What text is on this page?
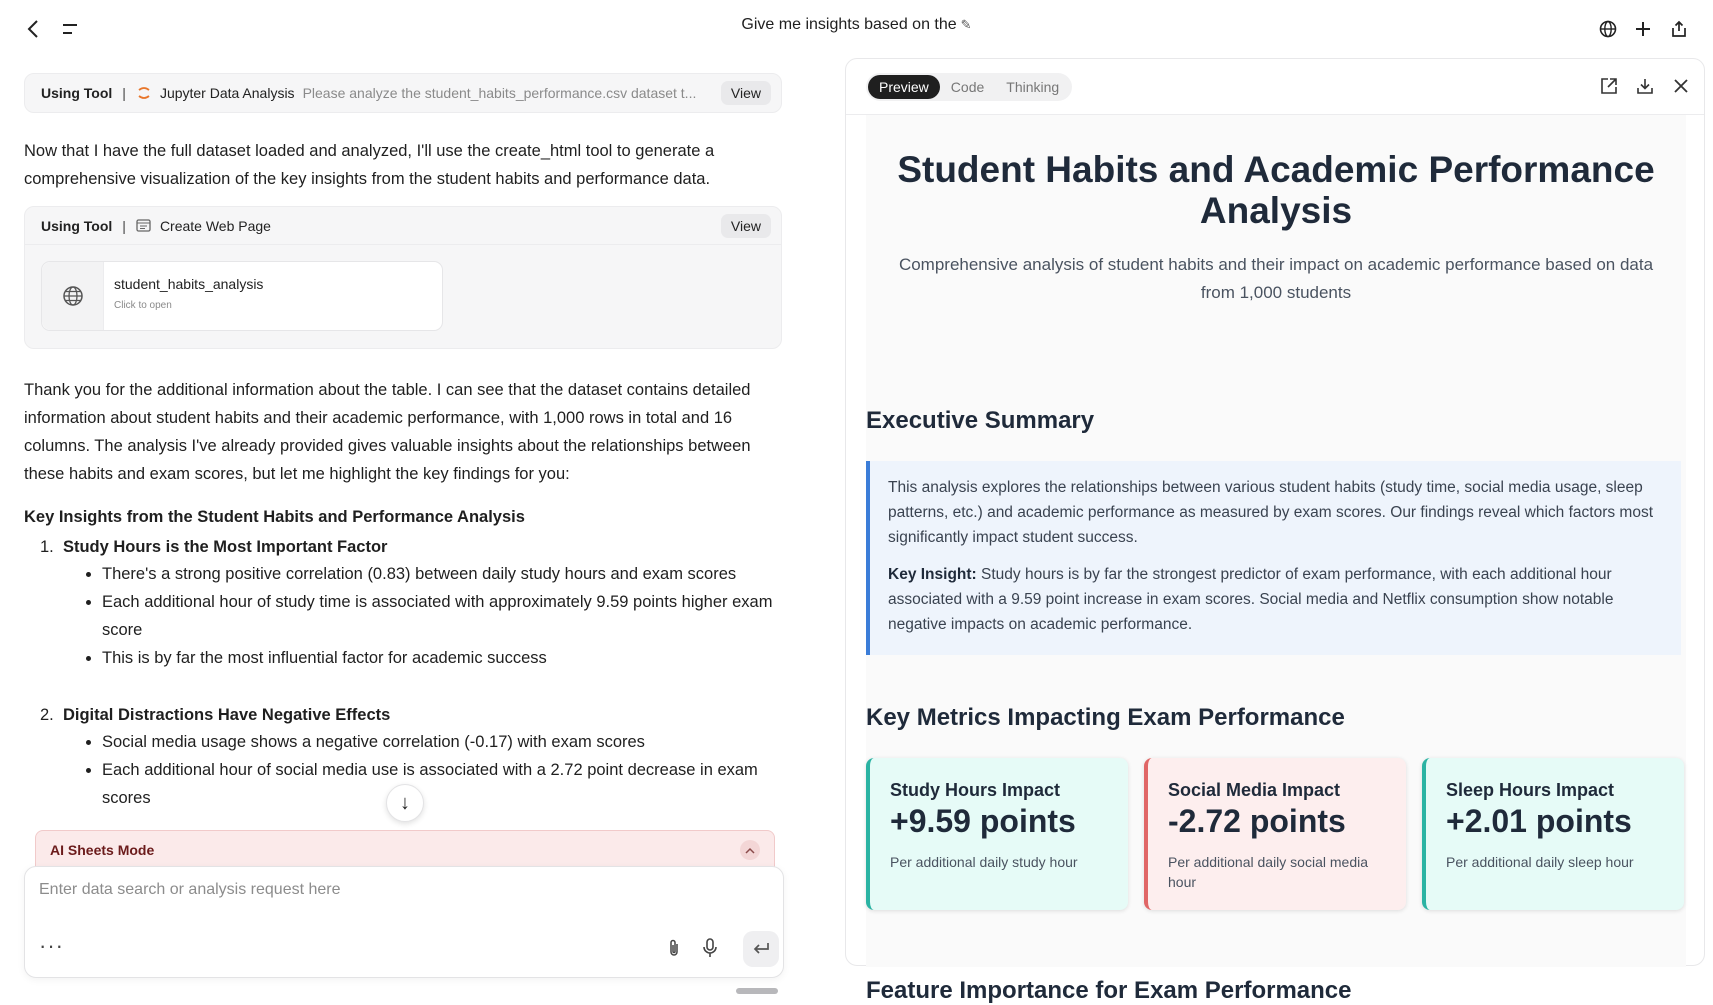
Give me insights based on the ✎
Using Tool | Jupyter Data Analysis Please analyze the student_habits_performance.csv dataset t...	View
Now that I have the full dataset loaded and analyzed, I'll use the create_html tool to generate a comprehensive visualization of the key insights from the student habits and performance data.
Using Tool | Create Web Page	View
student_habits_analysis
Click to open
Thank you for the additional information about the table. I can see that the dataset contains detailed information about student habits and their academic performance, with 1,000 rows in total and 16 columns. The analysis I've already provided gives valuable insights about the relationships between these habits and exam scores, but let me highlight the key findings for you:
Key Insights from the Student Habits and Performance Analysis
1. Study Hours is the Most Important Factor
• There's a strong positive correlation (0.83) between daily study hours and exam scores
• Each additional hour of study time is associated with approximately 9.59 points higher exam score
• This is by far the most influential factor for academic success
2. Digital Distractions Have Negative Effects
• Social media usage shows a negative correlation (-0.17) with exam scores
• Each additional hour of social media use is associated with a 2.72 point decrease in exam scores	↓
AI Sheets Mode
Enter data search or analysis request here
···
Preview	Code	Thinking
Student Habits and Academic Performance Analysis
Comprehensive analysis of student habits and their impact on academic performance based on data from 1,000 students
Executive Summary

This analysis explores the relationships between various student habits (study time, social media usage, sleep patterns, etc.) and academic performance as measured by exam scores. Our findings reveal which factors most significantly impact student success.

Key Insight: Study hours is by far the strongest predictor of exam performance, with each additional hour associated with a 9.59 point increase in exam scores. Social media and Netflix consumption show notable negative impacts on academic performance.

Key Metrics Impacting Exam Performance
Study Hours Impact
+9.59 points
Per additional daily study hour
Social Media Impact
-2.72 points
Per additional daily social media hour
Sleep Hours Impact
+2.01 points
Per additional daily sleep hour
Feature Importance for Exam Performance
